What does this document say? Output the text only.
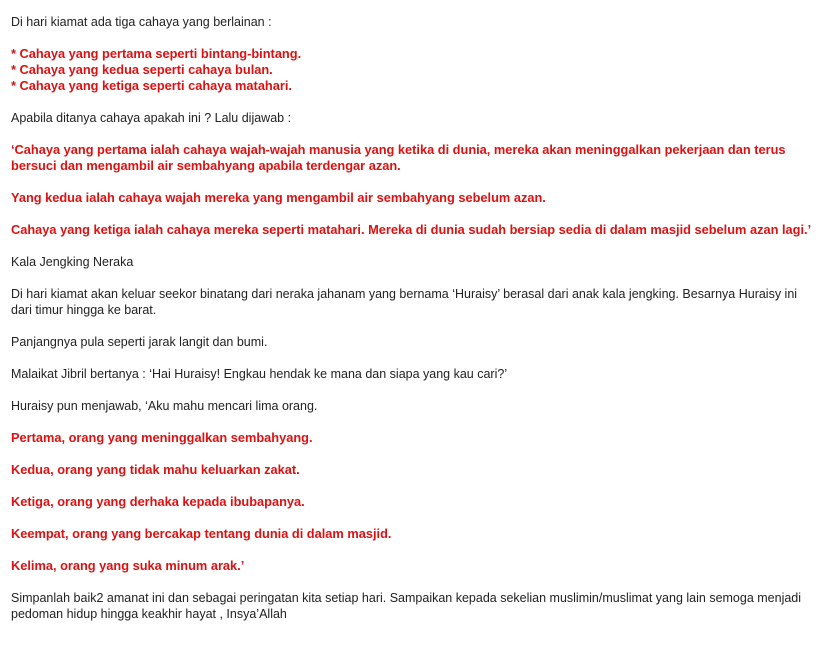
Di hari kiamat ada tiga cahaya yang berlainan :

* Cahaya yang pertama seperti bintang-bintang.
* Cahaya yang kedua seperti cahaya bulan.
* Cahaya yang ketiga seperti cahaya matahari.

Apabila ditanya cahaya apakah ini ? Lalu dijawab :

‘Cahaya yang pertama ialah cahaya wajah-wajah manusia yang ketika di dunia, mereka akan meninggalkan pekerjaan dan terus bersuci dan mengambil air sembahyang apabila terdengar azan.

Yang kedua ialah cahaya wajah mereka yang mengambil air sembahyang sebelum azan.

Cahaya yang ketiga ialah cahaya mereka seperti matahari. Mereka di dunia sudah bersiap sedia di dalam masjid sebelum azan lagi.’

Kala Jengking Neraka

Di hari kiamat akan keluar seekor binatang dari neraka jahanam yang bernama ‘Huraisy’ berasal dari anak kala jengking. Besarnya Huraisy ini dari timur hingga ke barat.

Panjangnya pula seperti jarak langit dan bumi.

Malaikat Jibril bertanya : ‘Hai Huraisy! Engkau hendak ke mana dan siapa yang kau cari?’

Huraisy pun menjawab, ‘Aku mahu mencari lima orang.

Pertama, orang yang meninggalkan sembahyang.

Kedua, orang yang tidak mahu keluarkan zakat.

Ketiga, orang yang derhaka kepada ibubapanya.

Keempat, orang yang bercakap tentang dunia di dalam masjid.

Kelima, orang yang suka minum arak.’

Simpanlah baik2 amanat ini dan sebagai peringatan kita setiap hari. Sampaikan kepada sekelian muslimin/muslimat yang lain semoga menjadi pedoman hidup hingga keakhir hayat , Insya’Allah
